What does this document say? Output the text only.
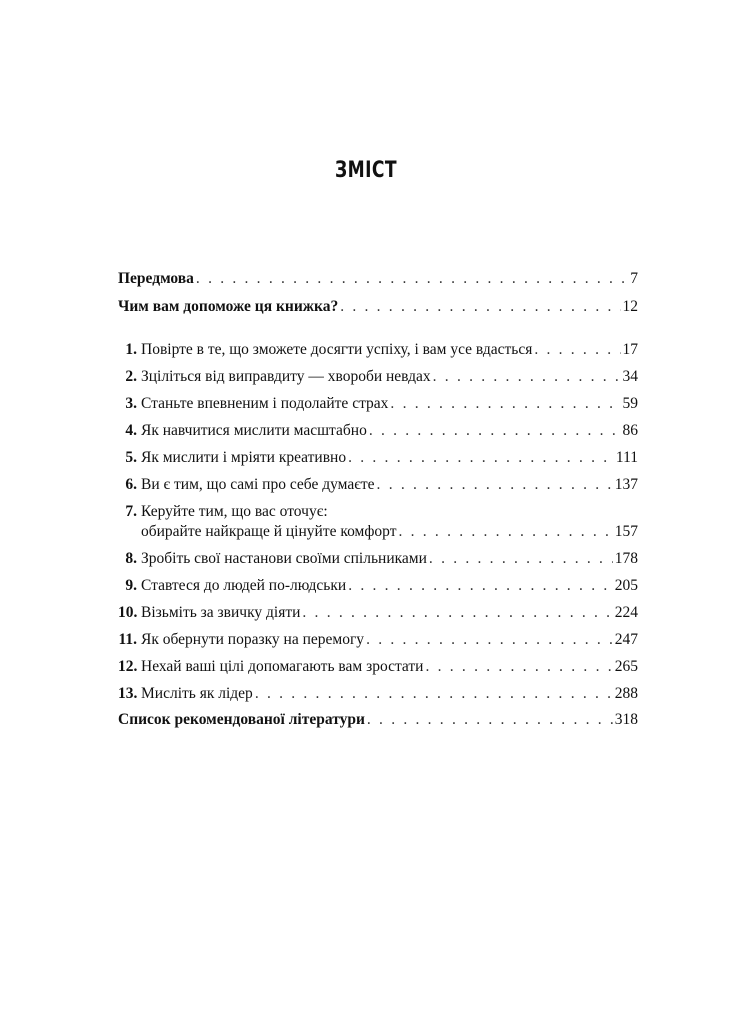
ЗМІСТ
Передмова . . .	7
Чим вам допоможе ця книжка? . . .	12
1. Повірте в те, що зможете досягти успіху, і вам усе вдасться . . .	17
2. Зціліться від виправдиту — хвороби невдах . . .	34
3. Станьте впевненим і подолайте страх . . .	59
4. Як навчитися мислити масштабно . . .	86
5. Як мислити і мріяти креативно . . .	111
6. Ви є тим, що самі про себе думаєте . . .	137
7. Керуйте тим, що вас оточує:
обирайте найкраще й цінуйте комфорт . . .	157
8. Зробіть свої настанови своїми спільниками . . .	178
9. Ставтеся до людей по-людськи . . .	205
10. Візьміть за звичку діяти . . .	224
11. Як обернути поразку на перемогу . . .	247
12. Нехай ваші цілі допомагають вам зростати . . .	265
13. Мисліть як лідер . . .	288
Список рекомендованої літератури . . .	318
